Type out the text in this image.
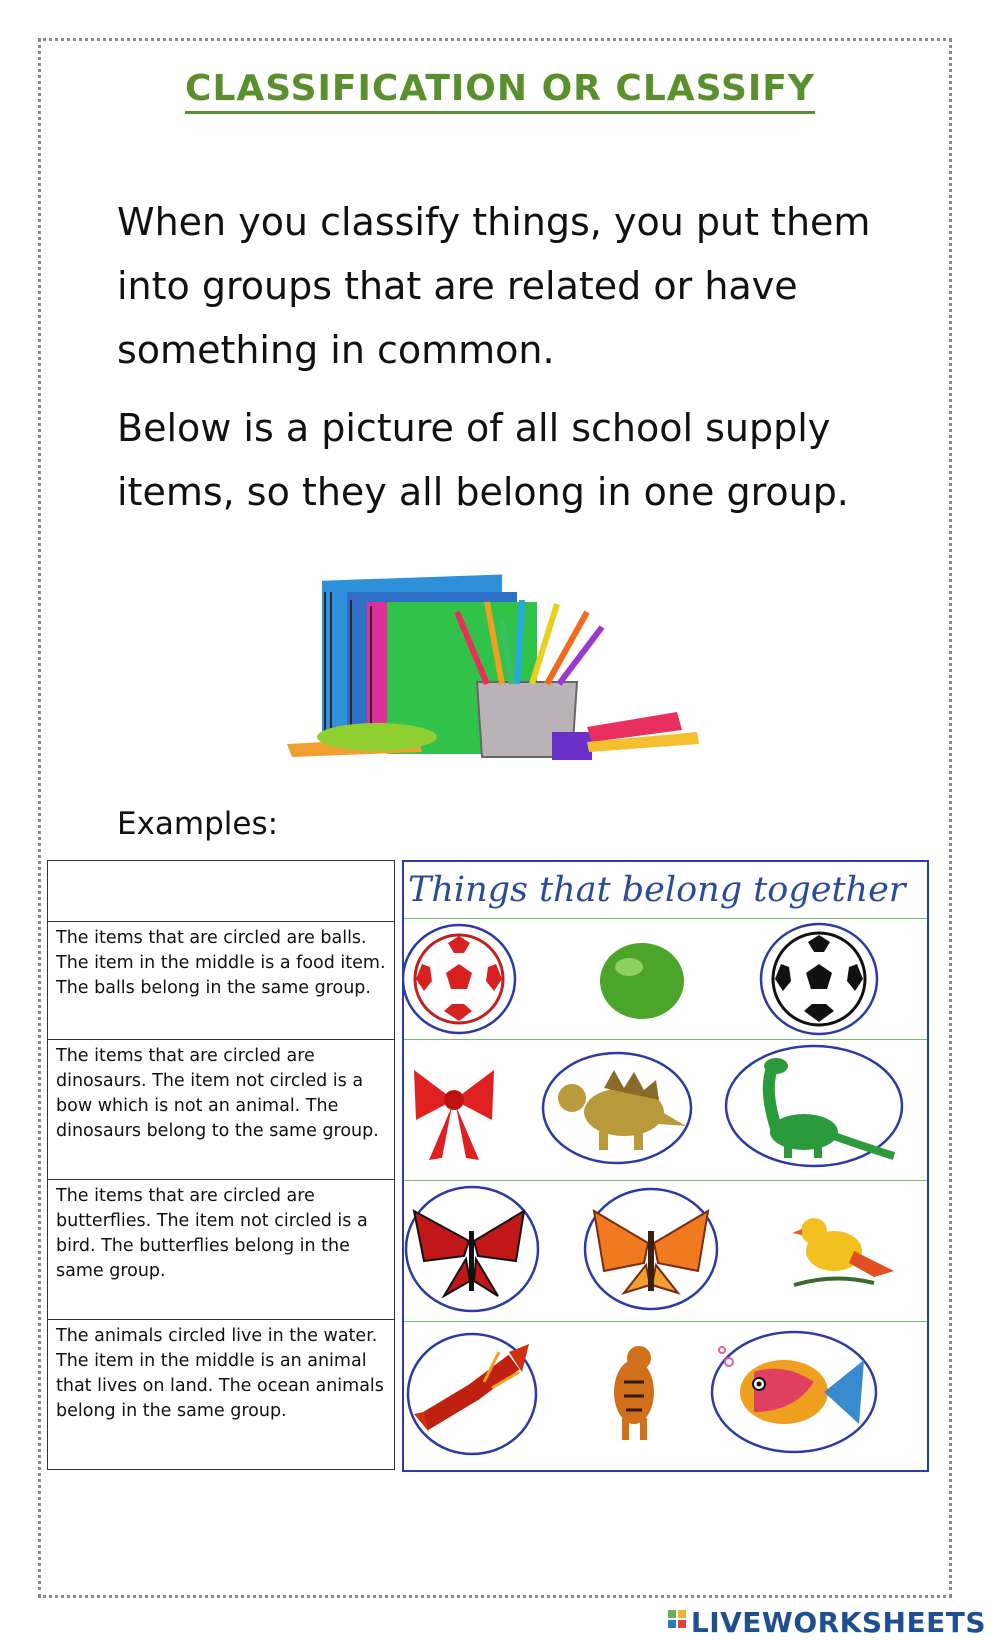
CLASSIFICATION OR CLASSIFY
When you classify things, you put them into groups that are related or have something in common.
Below is a picture of all school supply items, so they all belong in one group.
Examples:
The items that are circled are balls. The item in the middle is a food item. The balls belong in the same group.
The items that are circled are dinosaurs. The item not circled is a bow which is not an animal. The dinosaurs belong to the same group.
The items that are circled are butterflies. The item not circled is a bird. The butterflies belong in the same group.
The animals circled live in the water. The item in the middle is an animal that lives on land. The ocean animals belong in the same group.
Things that belong together
LIVEWORKSHEETS
